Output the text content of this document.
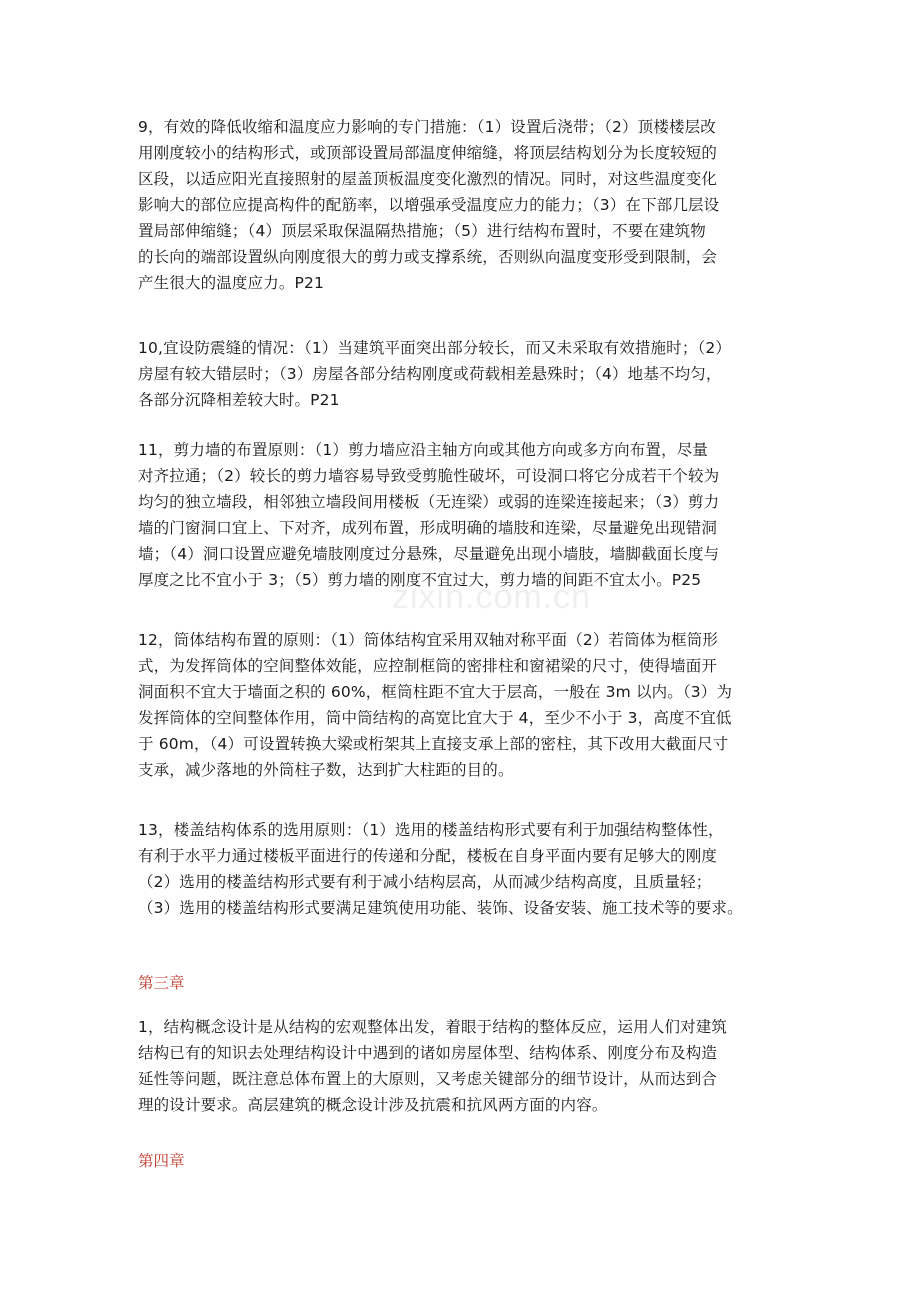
zixin.com.cn

9，有效的降低收缩和温度应力影响的专门措施：（1）设置后浇带；（2）顶楼楼层改
用刚度较小的结构形式，或顶部设置局部温度伸缩缝，将顶层结构划分为长度较短的
区段，以适应阳光直接照射的屋盖顶板温度变化激烈的情况。同时，对这些温度变化
影响大的部位应提高构件的配筋率，以增强承受温度应力的能力；（3）在下部几层设
置局部伸缩缝；（4）顶层采取保温隔热措施；（5）进行结构布置时，不要在建筑物
的长向的端部设置纵向刚度很大的剪力或支撑系统，否则纵向温度变形受到限制，会
产生很大的温度应力。P21

10,宜设防震缝的情况：（1）当建筑平面突出部分较长，而又未采取有效措施时；（2）
房屋有较大错层时；（3）房屋各部分结构刚度或荷载相差悬殊时；（4）地基不均匀，
各部分沉降相差较大时。P21

11，剪力墙的布置原则：（1）剪力墙应沿主轴方向或其他方向或多方向布置，尽量
对齐拉通；（2）较长的剪力墙容易导致受剪脆性破坏，可设洞口将它分成若干个较为
均匀的独立墙段，相邻独立墙段间用楼板（无连梁）或弱的连梁连接起来；（3）剪力
墙的门窗洞口宜上、下对齐，成列布置，形成明确的墙肢和连梁，尽量避免出现错洞
墙；（4）洞口设置应避免墙肢刚度过分悬殊，尽量避免出现小墙肢，墙脚截面长度与
厚度之比不宜小于 3；（5）剪力墙的刚度不宜过大，剪力墙的间距不宜太小。P25

12，筒体结构布置的原则：（1）筒体结构宜采用双轴对称平面（2）若筒体为框筒形
式，为发挥筒体的空间整体效能，应控制框筒的密排柱和窗裙梁的尺寸，使得墙面开
洞面积不宜大于墙面之积的 60%，框筒柱距不宜大于层高，一般在 3m 以内。（3）为
发挥筒体的空间整体作用，筒中筒结构的高宽比宜大于 4，至少不小于 3，高度不宜低
于 60m，（4）可设置转换大梁或桁架其上直接支承上部的密柱，其下改用大截面尺寸
支承，减少落地的外筒柱子数，达到扩大柱距的目的。

13，楼盖结构体系的选用原则：（1）选用的楼盖结构形式要有利于加强结构整体性，
有利于水平力通过楼板平面进行的传递和分配，楼板在自身平面内要有足够大的刚度
（2）选用的楼盖结构形式要有利于减小结构层高，从而减少结构高度，且质量轻；
（3）选用的楼盖结构形式要满足建筑使用功能、装饰、设备安装、施工技术等的要求。

第三章

1，结构概念设计是从结构的宏观整体出发，着眼于结构的整体反应，运用人们对建筑
结构已有的知识去处理结构设计中遇到的诸如房屋体型、结构体系、刚度分布及构造
延性等问题，既注意总体布置上的大原则，又考虑关键部分的细节设计，从而达到合
理的设计要求。高层建筑的概念设计涉及抗震和抗风两方面的内容。

第四章
